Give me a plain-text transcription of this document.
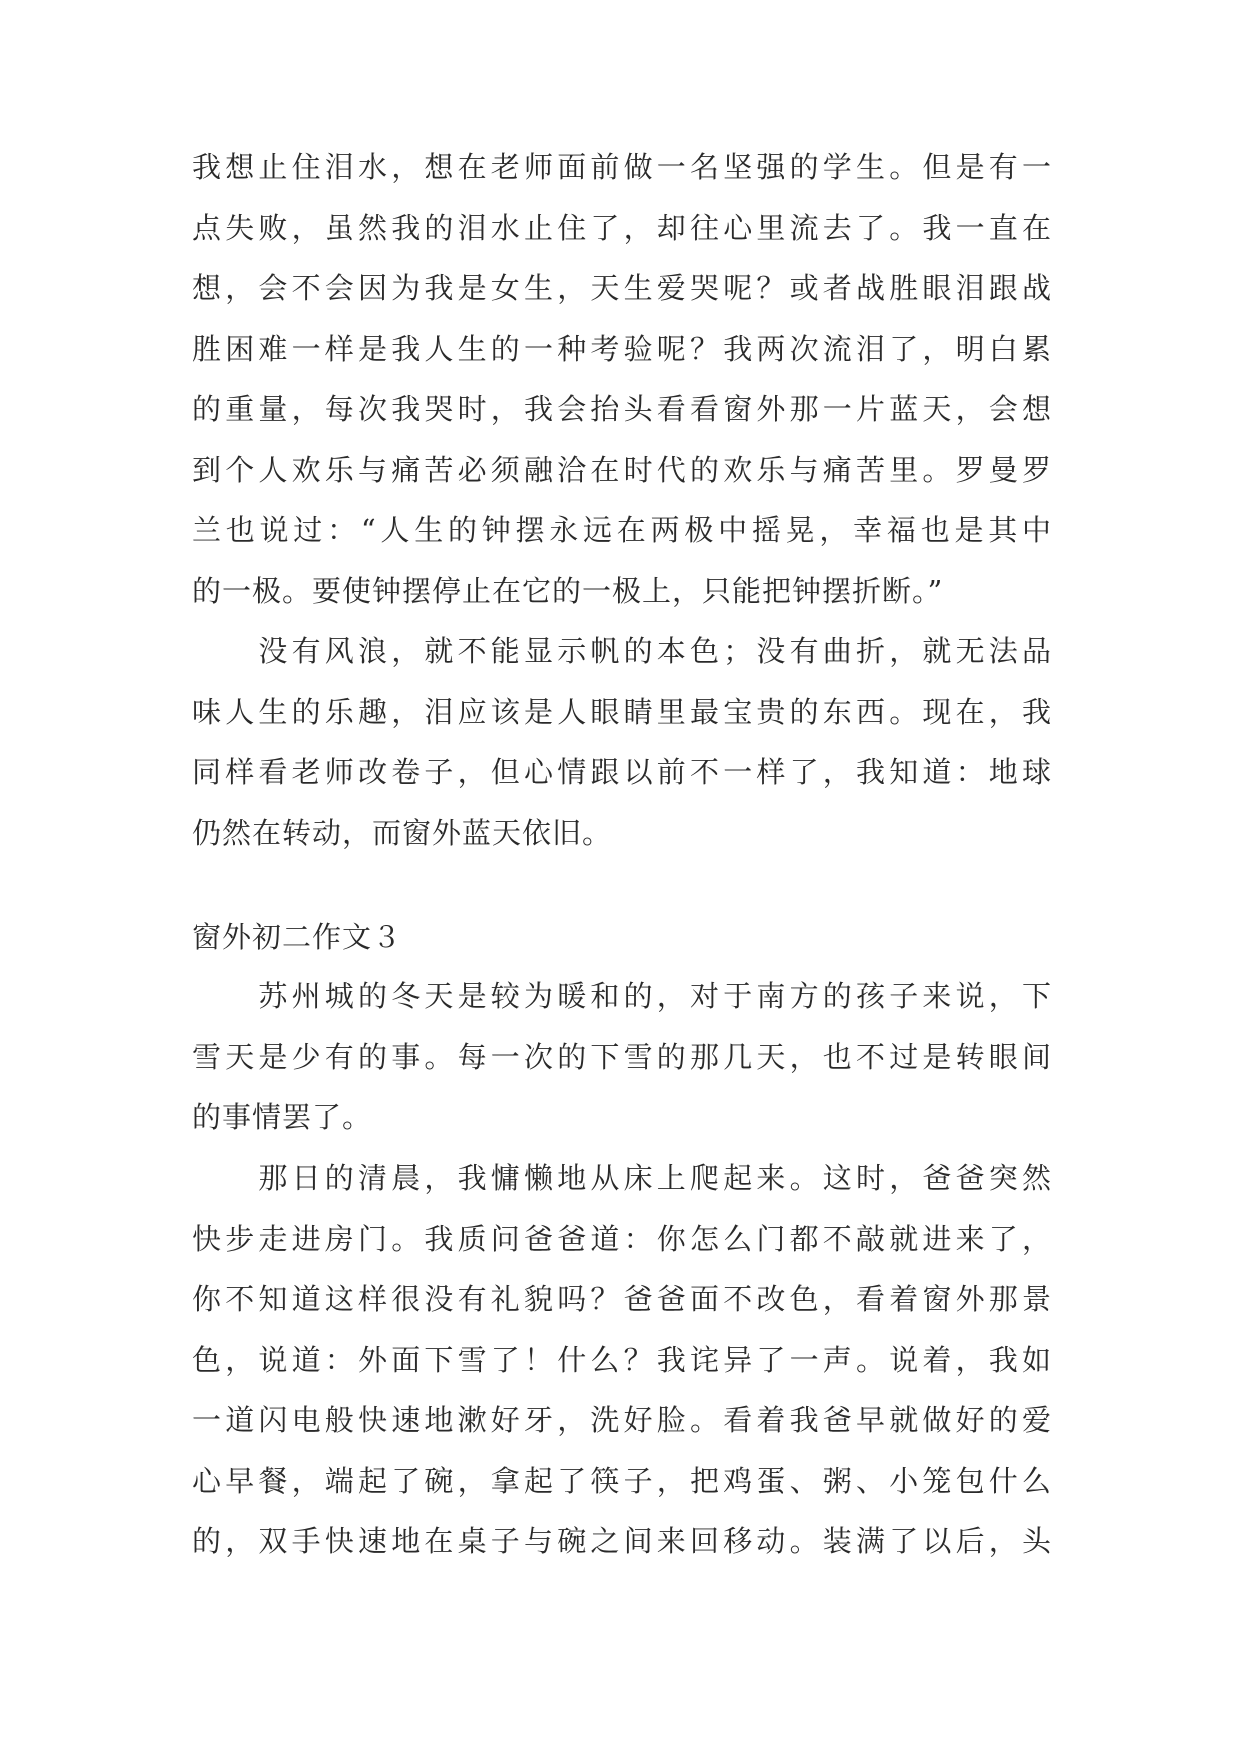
我想止住泪水，想在老师面前做一名坚强的学生。但是有一
点失败，虽然我的泪水止住了，却往心里流去了。我一直在
想，会不会因为我是女生，天生爱哭呢？或者战胜眼泪跟战
胜困难一样是我人生的一种考验呢？我两次流泪了，明白累
的重量，每次我哭时，我会抬头看看窗外那一片蓝天，会想
到个人欢乐与痛苦必须融洽在时代的欢乐与痛苦里。罗曼罗
兰也说过：“人生的钟摆永远在两极中摇晃，幸福也是其中
的一极。要使钟摆停止在它的一极上，只能把钟摆折断。”
　　没有风浪，就不能显示帆的本色；没有曲折，就无法品
味人生的乐趣，泪应该是人眼睛里最宝贵的东西。现在，我
同样看老师改卷子，但心情跟以前不一样了，我知道：地球
仍然在转动，而窗外蓝天依旧。
窗外初二作文３
　　苏州城的冬天是较为暖和的，对于南方的孩子来说，下
雪天是少有的事。每一次的下雪的那几天，也不过是转眼间
的事情罢了。
　　那日的清晨，我慵懒地从床上爬起来。这时，爸爸突然
快步走进房门。我质问爸爸道：你怎么门都不敲就进来了，
你不知道这样很没有礼貌吗？爸爸面不改色，看着窗外那景
色，说道：外面下雪了！什么？我诧异了一声。说着，我如
一道闪电般快速地漱好牙，洗好脸。看着我爸早就做好的爱
心早餐，端起了碗，拿起了筷子，把鸡蛋、粥、小笼包什么
的，双手快速地在桌子与碗之间来回移动。装满了以后，头
